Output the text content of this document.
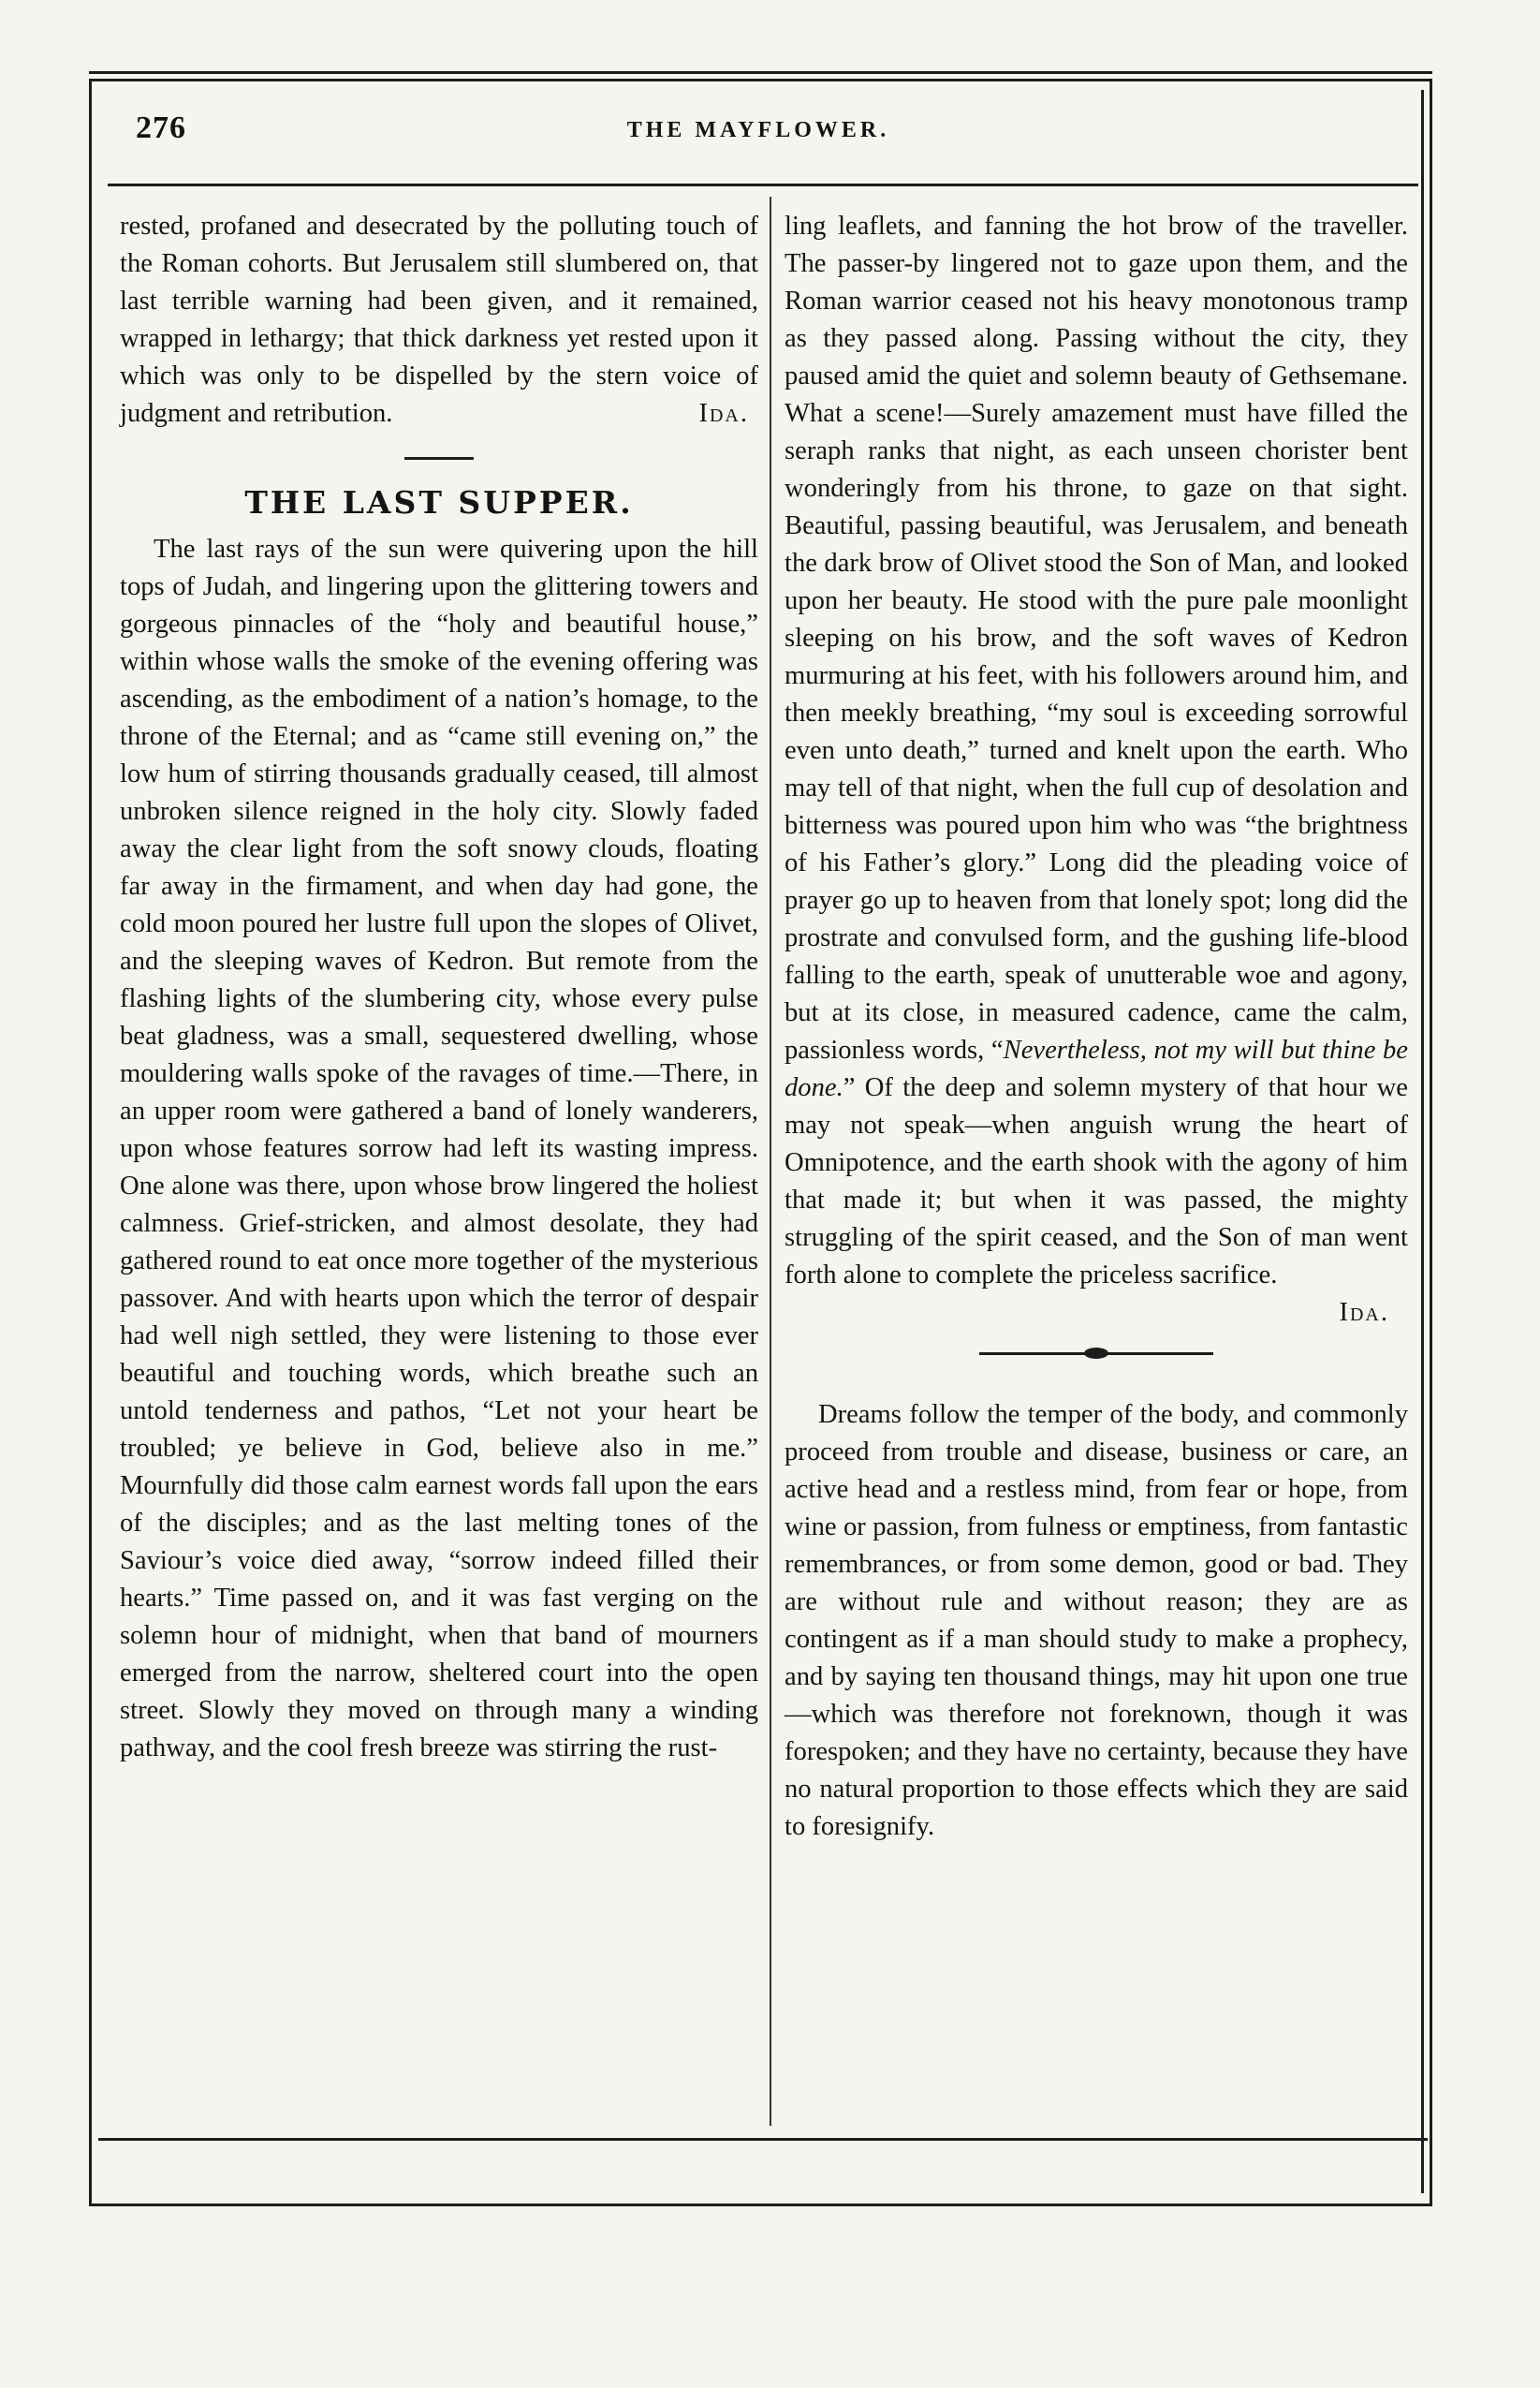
276	THE MAYFLOWER.

rested, profaned and desecrated by the polluting touch of the Roman cohorts. But Jerusalem still slumbered on, that last terrible warning had been given, and it remained, wrapped in lethargy; that thick darkness yet rested upon it which was only to be dispelled by the stern voice of judgment and retribution.	Ida.

THE LAST SUPPER.

The last rays of the sun were quivering upon the hill tops of Judah, and lingering upon the glittering towers and gorgeous pinnacles of the “holy and beautiful house,” within whose walls the smoke of the evening offering was ascending, as the embodiment of a nation’s homage, to the throne of the Eternal; and as “came still evening on,” the low hum of stirring thousands gradually ceased, till almost unbroken silence reigned in the holy city. Slowly faded away the clear light from the soft snowy clouds, floating far away in the firmament, and when day had gone, the cold moon poured her lustre full upon the slopes of Olivet, and the sleeping waves of Kedron. But remote from the flashing lights of the slumbering city, whose every pulse beat gladness, was a small, sequestered dwelling, whose mouldering walls spoke of the ravages of time.—There, in an upper room were gathered a band of lonely wanderers, upon whose features sorrow had left its wasting impress. One alone was there, upon whose brow lingered the holiest calmness. Grief-stricken, and almost desolate, they had gathered round to eat once more together of the mysterious passover. And with hearts upon which the terror of despair had well nigh settled, they were listening to those ever beautiful and touching words, which breathe such an untold tenderness and pathos, “Let not your heart be troubled; ye believe in God, believe also in me.” Mournfully did those calm earnest words fall upon the ears of the disciples; and as the last melting tones of the Saviour’s voice died away, “sorrow indeed filled their hearts.” Time passed on, and it was fast verging on the solemn hour of midnight, when that band of mourners emerged from the narrow, sheltered court into the open street. Slowly they moved on through many a winding pathway, and the cool fresh breeze was stirring the rust-

ling leaflets, and fanning the hot brow of the traveller. The passer-by lingered not to gaze upon them, and the Roman warrior ceased not his heavy monotonous tramp as they passed along. Passing without the city, they paused amid the quiet and solemn beauty of Gethsemane. What a scene!—Surely amazement must have filled the seraph ranks that night, as each unseen chorister bent wonderingly from his throne, to gaze on that sight. Beautiful, passing beautiful, was Jerusalem, and beneath the dark brow of Olivet stood the Son of Man, and looked upon her beauty. He stood with the pure pale moonlight sleeping on his brow, and the soft waves of Kedron murmuring at his feet, with his followers around him, and then meekly breathing, “my soul is exceeding sorrowful even unto death,” turned and knelt upon the earth. Who may tell of that night, when the full cup of desolation and bitterness was poured upon him who was “the brightness of his Father’s glory.” Long did the pleading voice of prayer go up to heaven from that lonely spot; long did the prostrate and convulsed form, and the gushing life-blood falling to the earth, speak of unutterable woe and agony, but at its close, in measured cadence, came the calm, passionless words, “Nevertheless, not my will but thine be done.” Of the deep and solemn mystery of that hour we may not speak—when anguish wrung the heart of Omnipotence, and the earth shook with the agony of him that made it; but when it was passed, the mighty struggling of the spirit ceased, and the Son of man went forth alone to complete the priceless sacrifice.

Ida.

Dreams follow the temper of the body, and commonly proceed from trouble and disease, business or care, an active head and a restless mind, from fear or hope, from wine or passion, from fulness or emptiness, from fantastic remembrances, or from some demon, good or bad. They are without rule and without reason; they are as contingent as if a man should study to make a prophecy, and by saying ten thousand things, may hit upon one true—which was therefore not foreknown, though it was forespoken; and they have no certainty, because they have no natural proportion to those effects which they are said to foresignify.
